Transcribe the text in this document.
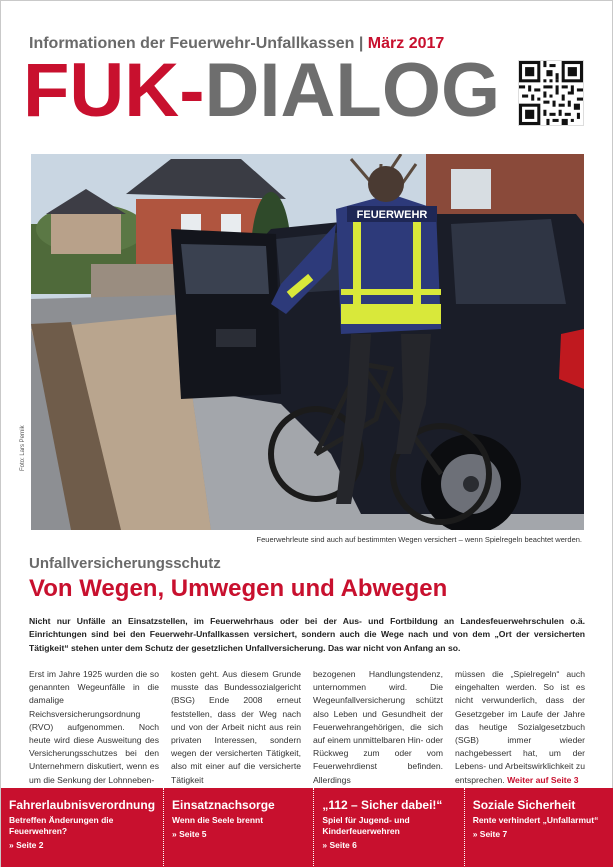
Informationen der Feuerwehr-Unfallkassen | März 2017
FUK-DIALOG
FEUERWEHR
Foto: Lars Pernik
Feuerwehrleute sind auch auf bestimmten Wegen versichert – wenn Spielregeln beachtet werden.
Unfallversicherungsschutz
Von Wegen, Umwegen und Abwegen
Nicht nur Unfälle an Einsatzstellen, im Feuerwehrhaus oder bei der Aus- und Fortbildung an Landesfeuerwehrschulen o.ä. Einrichtungen sind bei den Feuerwehr-Unfallkassen versichert, sondern auch die Wege nach und von dem „Ort der versicherten Tätigkeit“ stehen unter dem Schutz der gesetzlichen Unfallversicherung. Das war nicht von Anfang an so.
Erst im Jahre 1925 wurden die so genannten Wegeunfälle in die damalige Reichsversicherungsordnung (RVO) aufgenommen. Noch heute wird diese Ausweitung des Versicherungsschutzes bei den Unternehmern diskutiert, wenn es um die Senkung der Lohnneben-
kosten geht. Aus diesem Grunde musste das Bundessozialgericht (BSG) Ende 2008 erneut feststellen, dass der Weg nach und von der Arbeit nicht aus rein privaten Interessen, sondern wegen der versicherten Tätigkeit, also mit einer auf die versicherte Tätigkeit
bezogenen Handlungstendenz, unternommen wird. Die Wegeunfallversicherung schützt also Leben und Gesundheit der Feuerwehrangehörigen, die sich auf einem unmittelbaren Hin- oder Rückweg zum oder vom Feuerwehrdienst befinden. Allerdings
müssen die „Spielregeln“ auch eingehalten werden. So ist es nicht verwunderlich, dass der Gesetzgeber im Laufe der Jahre das heutige Sozialgesetzbuch (SGB) immer wieder nachgebessert hat, um der Lebens- und Arbeitswirklichkeit zu entsprechen. Weiter auf Seite 3
Fahrerlaubnisverordnung
Betreffen Änderungen die Feuerwehren?
» Seite 2
Einsatznachsorge
Wenn die Seele brennt
» Seite 5
„112 – Sicher dabei!“
Spiel für Jugend- und Kinderfeuerwehren
» Seite 6
Soziale Sicherheit
Rente verhindert „Unfallarmut“
» Seite 7
